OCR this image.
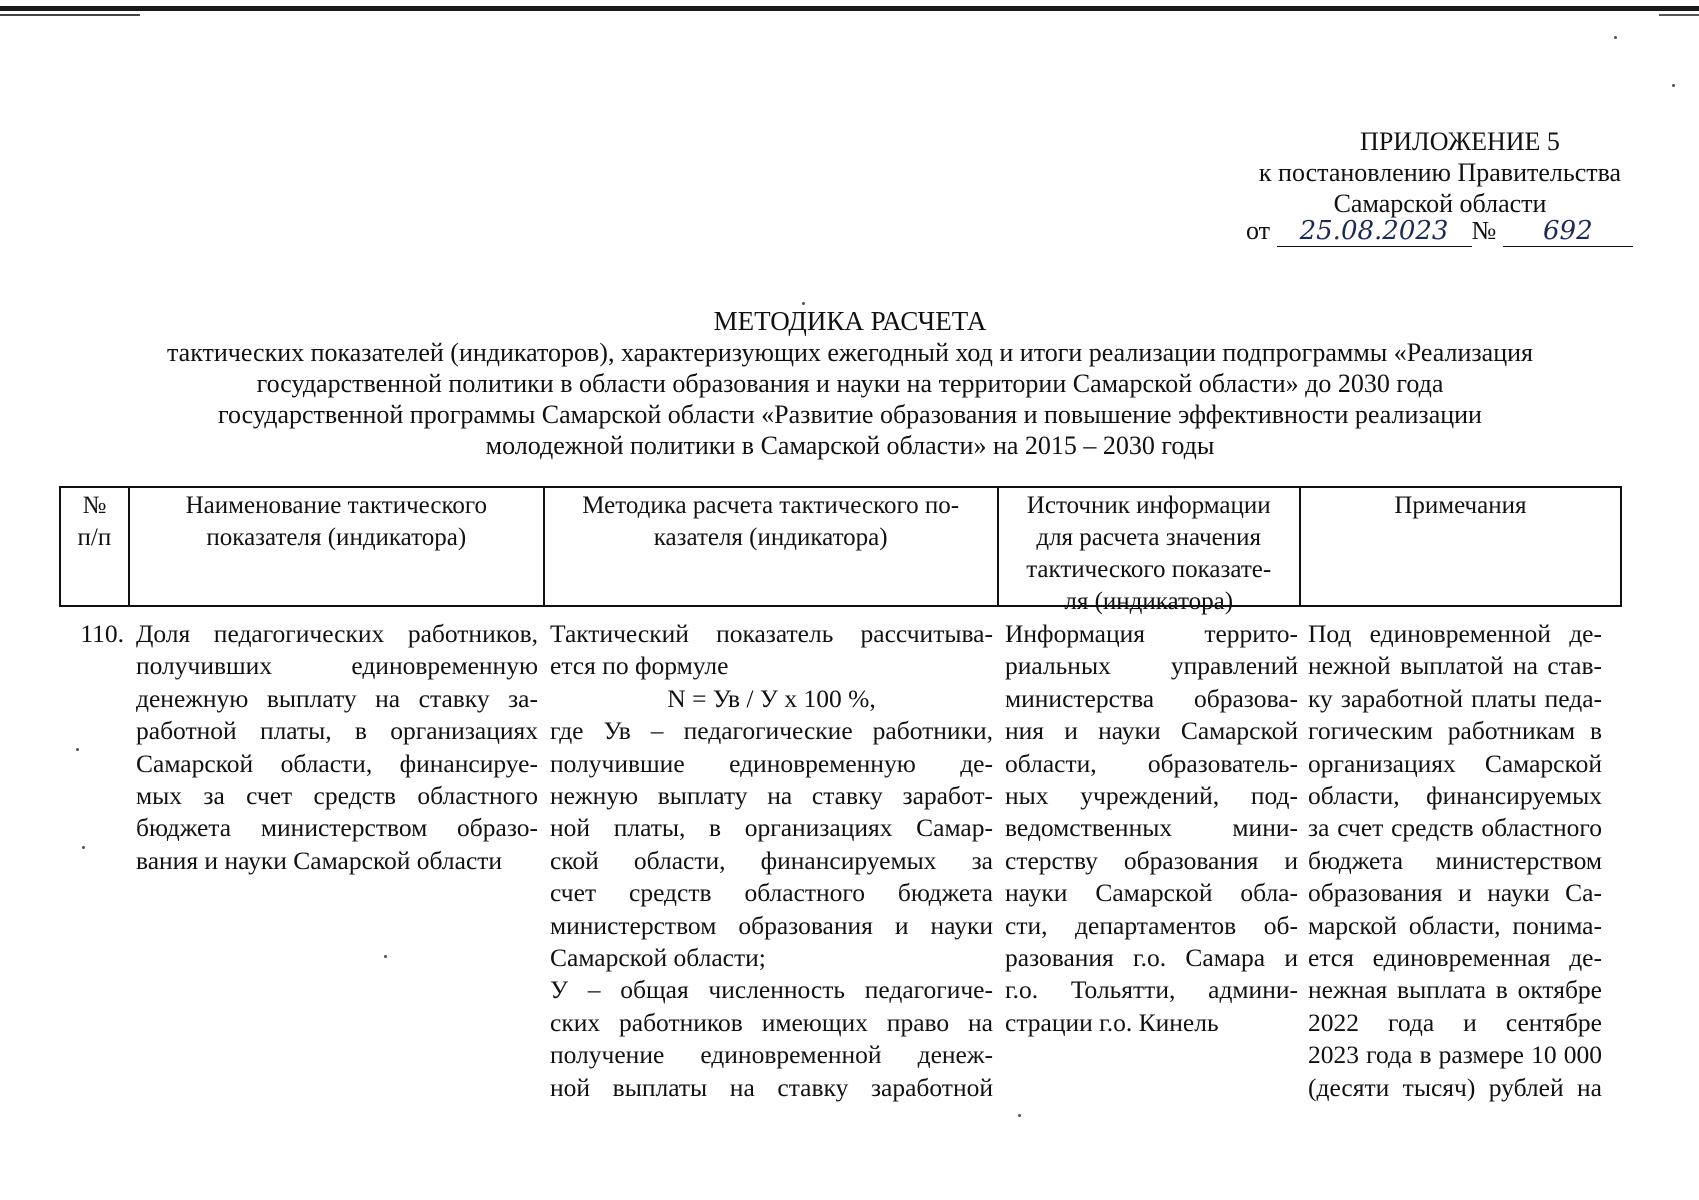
ПРИЛОЖЕНИЕ 5
к постановлению Правительства
Самарской области
от 25.08.2023 № 692
МЕТОДИКА РАСЧЕТА
тактических показателей (индикаторов), характеризующих ежегодный ход и итоги реализации подпрограммы «Реализация
государственной политики в области образования и науки на территории Самарской области» до 2030 года
государственной программы Самарской области «Развитие образования и повышение эффективности реализации
молодежной политики в Самарской области» на 2015 – 2030 годы
№
п/п
Наименование тактического
показателя (индикатора)
Методика расчета тактического по-
казателя (индикатора)
Источник информации
для расчета значения
тактического показате-
ля (индикатора)
Примечания
110. Доля педагогических работников,
получивших единовременную
денежную выплату на ставку за-
работной платы, в организациях
Самарской области, финансируе-
мых за счет средств областного
бюджета министерством образо-
вания и науки Самарской области
Тактический показатель рассчитыва-
ется по формуле
N = Ув / У х 100 %,
где Ув – педагогические работники,
получившие единовременную де-
нежную выплату на ставку заработ-
ной платы, в организациях Самар-
ской области, финансируемых за
счет средств областного бюджета
министерством образования и науки
Самарской области;
У – общая численность педагогиче-
ских работников имеющих право на
получение единовременной денеж-
ной выплаты на ставку заработной
Информация террито-
риальных управлений
министерства образова-
ния и науки Самарской
области, образователь-
ных учреждений, под-
ведомственных мини-
стерству образования и
науки Самарской обла-
сти, департаментов об-
разования г.о. Самара и
г.о. Тольятти, админи-
страции г.о. Кинель
Под единовременной де-
нежной выплатой на став-
ку заработной платы педа-
гогическим работникам в
организациях Самарской
области, финансируемых
за счет средств областного
бюджета министерством
образования и науки Са-
марской области, понима-
ется единовременная де-
нежная выплата в октябре
2022 года и сентябре
2023 года в размере 10 000
(десяти тысяч) рублей на
